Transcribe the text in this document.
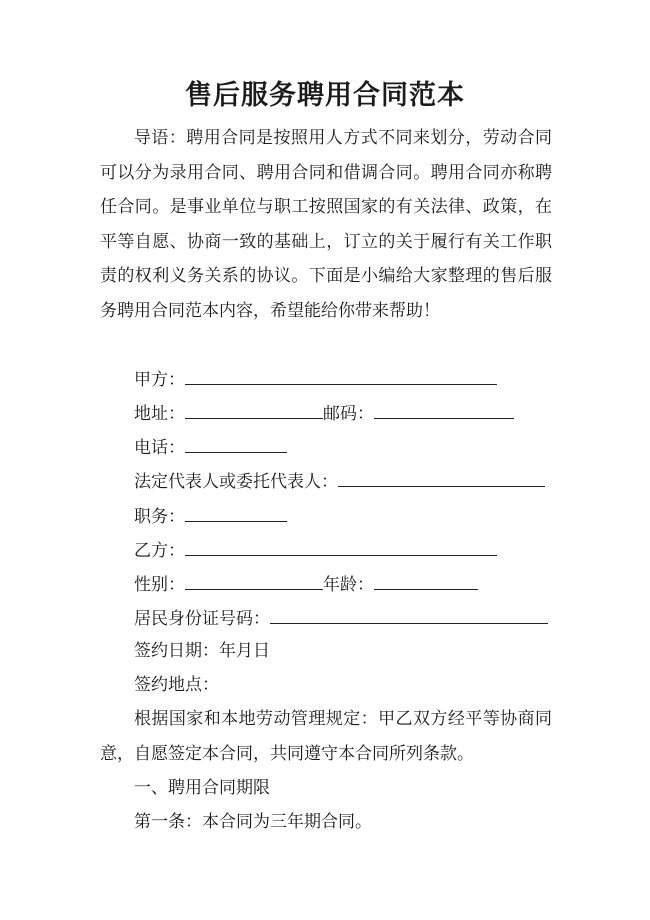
售后服务聘用合同范本

导语：聘用合同是按照用人方式不同来划分，劳动合同可以分为录用合同、聘用合同和借调合同。聘用合同亦称聘任合同。是事业单位与职工按照国家的有关法律、政策，在平等自愿、协商一致的基础上，订立的关于履行有关工作职责的权利义务关系的协议。下面是小编给大家整理的售后服务聘用合同范本内容，希望能给你带来帮助！

甲方：
地址：	邮码：
电话：
法定代表人或委托代表人：
职务：
乙方：
性别：	年龄：
居民身份证号码：
签约日期：年月日
签约地点：

根据国家和本地劳动管理规定：甲乙双方经平等协商同意，自愿签定本合同，共同遵守本合同所列条款。

一、聘用合同期限
第一条：本合同为三年期合同。
